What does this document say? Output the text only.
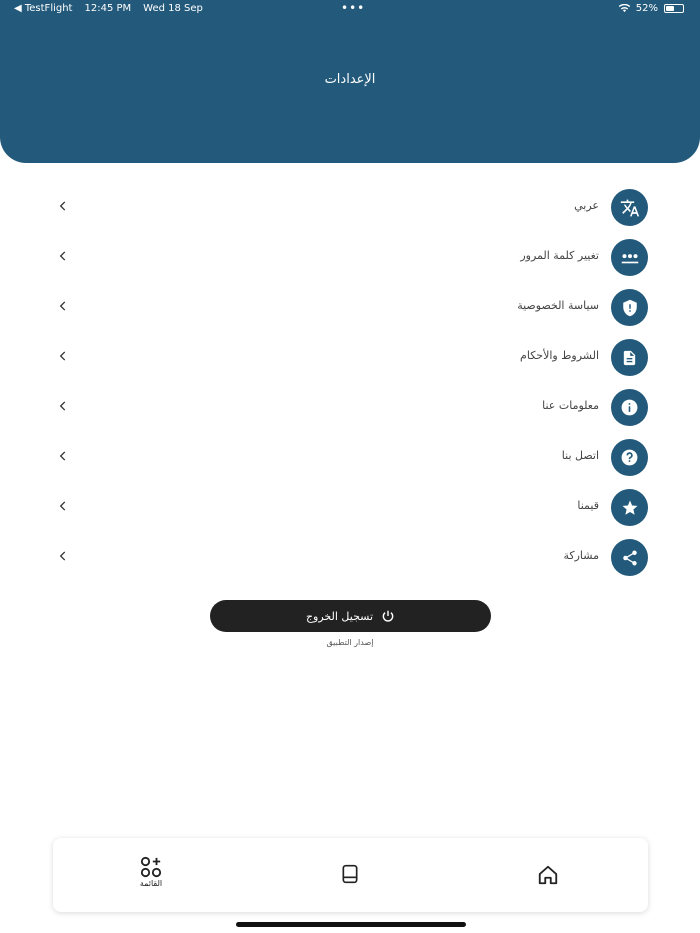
◀ TestFlight 12:45 PM Wed 18 Sep	•••	52%
الإعدادات
عربي
تغيير كلمة المرور
سياسة الخصوصية
الشروط والأحكام
معلومات عنا
اتصل بنا
قيمنا
مشاركة
تسجيل الخروج
إصدار التطبيق
القائمة
